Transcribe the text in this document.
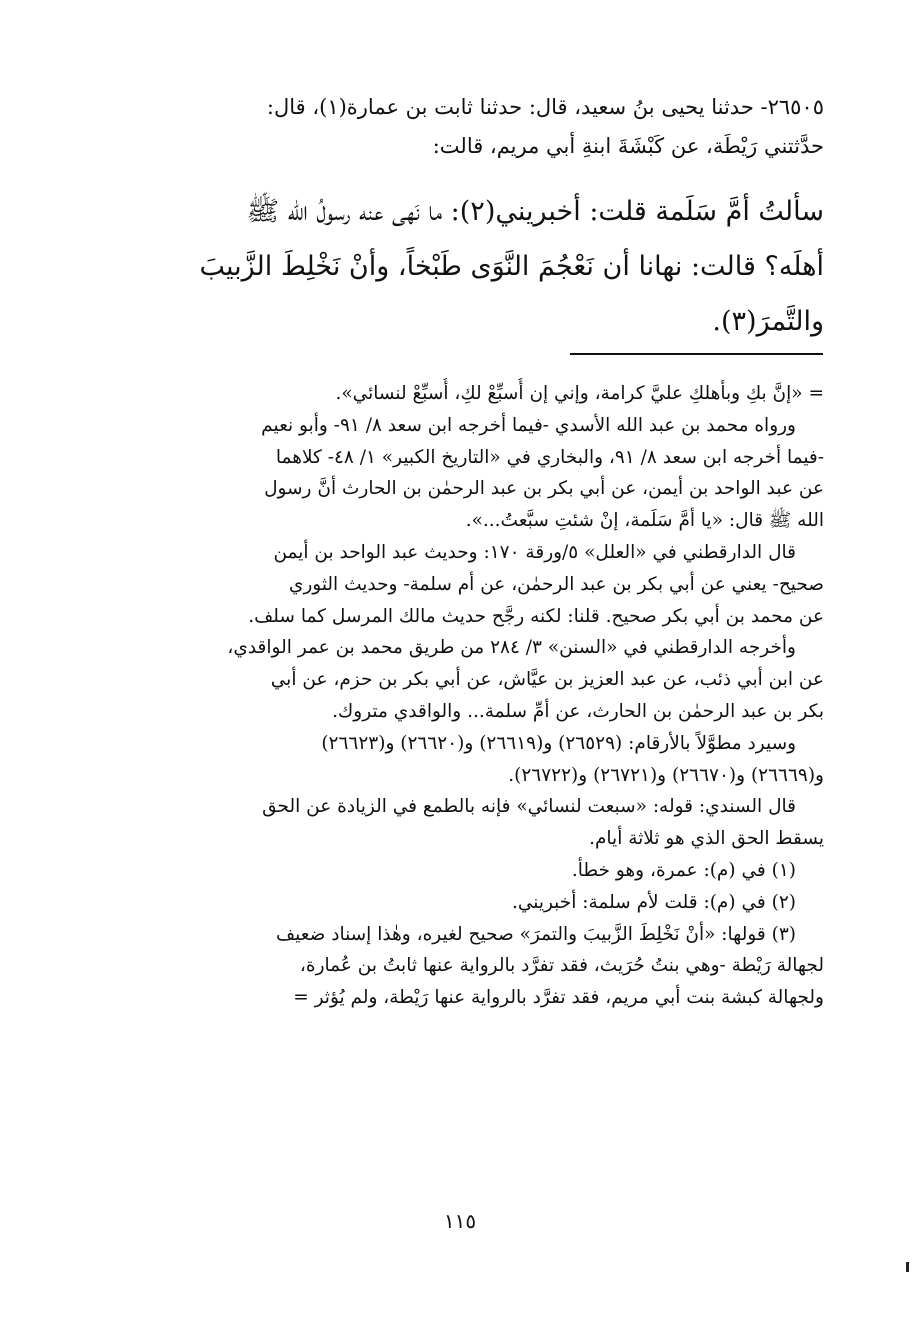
٢٦٥٠٥- حدثنا يحيى بنُ سعيد، قال: حدثنا ثابت بن عمارة(١)، قال:
حدَّثتني رَيْطَة، عن كَبْشَةَ ابنةِ أبي مريم، قالت:
سألتُ أمَّ سَلَمة قلت: أخبريني(٢): ما نَهى عنه رسولُ الله ﷺ
أهلَه؟ قالت: نهانا أن نَعْجُمَ النَّوَى طَبْخاً، وأنْ نَخْلِطَ الزَّبيبَ
والتَّمرَ(٣).
= «إنَّ بكِ وبأهلكِ عليَّ كرامة، وإني إن أُسبِّعْ لكِ، أُسبِّعْ لنسائي».
ورواه محمد بن عبد الله الأسدي -فيما أخرجه ابن سعد ٨/ ٩١- وأبو نعيم
-فيما أخرجه ابن سعد ٨/ ٩١، والبخاري في «التاريخ الكبير» ١/ ٤٨- كلاهما
عن عبد الواحد بن أيمن، عن أبي بكر بن عبد الرحمٰن بن الحارث أنَّ رسول
الله ﷺ قال: «يا أمَّ سَلَمة، إنْ شئتِ سبَّعتُ...».
قال الدارقطني في «العلل» ٥/ورقة ١٧٠: وحديث عبد الواحد بن أيمن
صحيح- يعني عن أبي بكر بن عبد الرحمٰن، عن أم سلمة- وحديث الثوري
عن محمد بن أبي بكر صحيح. قلنا: لكنه رجَّح حديث مالك المرسل كما سلف.
وأخرجه الدارقطني في «السنن» ٣/ ٢٨٤ من طريق محمد بن عمر الواقدي،
عن ابن أبي ذئب، عن عبد العزيز بن عيَّاش، عن أبي بكر بن حزم، عن أبي
بكر بن عبد الرحمٰن بن الحارث، عن أمِّ سلمة... والواقدي متروك.
وسيرد مطوَّلاً بالأرقام: (٢٦٥٢٩) و(٢٦٦١٩) و(٢٦٦٢٠) و(٢٦٦٢٣)
و(٢٦٦٦٩) و(٢٦٦٧٠) و(٢٦٧٢١) و(٢٦٧٢٢).
قال السندي: قوله: «سبعت لنسائي» فإنه بالطمع في الزيادة عن الحق
يسقط الحق الذي هو ثلاثة أيام.
(١) في (م): عمرة، وهو خطأ.
(٢) في (م): قلت لأم سلمة: أخبريني.
(٣) قولها: «أنْ نَخْلِطَ الزَّبيبَ والتمرَ» صحيح لغيره، وهٰذا إسناد ضعيف
لجهالة رَيْطة -وهي بنتُ حُرَيث، فقد تفرَّد بالرواية عنها ثابتُ بن عُمارة،
ولجهالة كبشة بنت أبي مريم، فقد تفرَّد بالرواية عنها رَيْطة، ولم يُؤثر =
١١٥
